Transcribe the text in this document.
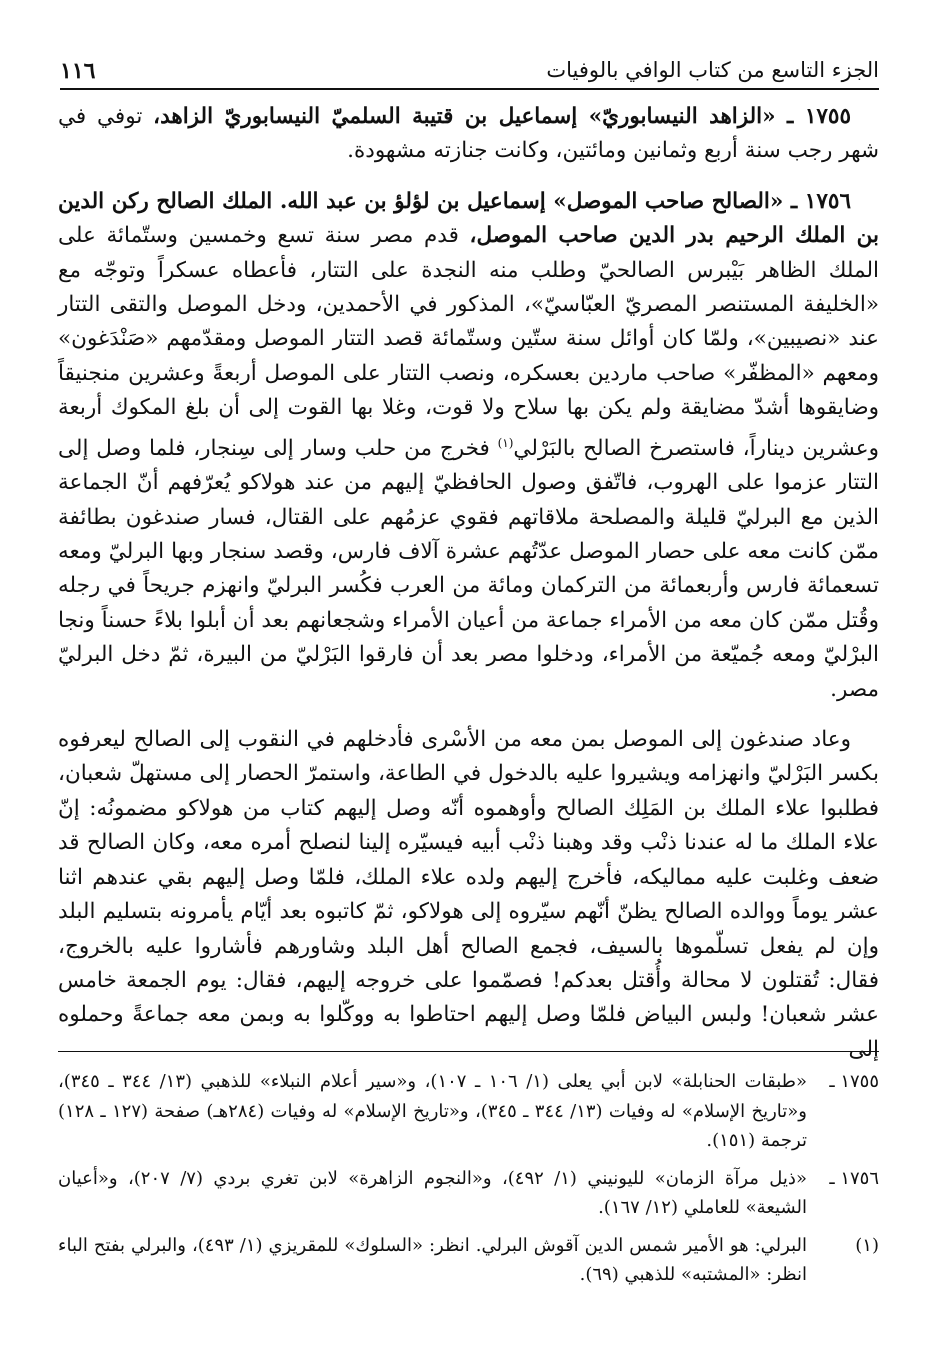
الجزء التاسع من كتاب الوافي بالوفيات
١١٦

١٧٥٥ ـ «الزاهد النيسابوريّ» إسماعيل بن قتيبة السلميّ النيسابوريّ الزاهد، توفي في شهر رجب سنة أربع وثمانين ومائتين، وكانت جنازته مشهودة.

١٧٥٦ ـ «الصالح صاحب الموصل» إسماعيل بن لؤلؤ بن عبد الله. الملك الصالح ركن الدين بن الملك الرحيم بدر الدين صاحب الموصل، قدم مصر سنة تسع وخمسين وستّمائة على الملك الظاهر بَيْبرس الصالحيّ وطلب منه النجدة على التتار، فأعطاه عسكراً وتوجّه مع «الخليفة المستنصر المصريّ العبّاسيّ»، المذكور في الأحمدين، ودخل الموصل والتقى التتار عند «نصيبين»، ولمّا كان أوائل سنة ستّين وستّمائة قصد التتار الموصل ومقدّمهم «صَنْدَغون» ومعهم «المظفّر» صاحب ماردين بعسكره، ونصب التتار على الموصل أربعةً وعشرين منجنيقاً وضايقوها أشدّ مضايقة ولم يكن بها سلاح ولا قوت، وغلا بها القوت إلى أن بلغ المكوك أربعة وعشرين ديناراً، فاستصرخ الصالح بالبَرْلي$^{(١)}$ فخرج من حلب وسار إلى سِنجار، فلما وصل إلى التتار عزموا على الهروب، فاتّفق وصول الحافظيّ إليهم من عند هولاكو يُعرّفهم أنّ الجماعة الذين مع البرليّ قليلة والمصلحة ملاقاتهم فقوي عزمُهم على القتال، فسار صندغون بطائفة ممّن كانت معه على حصار الموصل عدّتُهم عشرة آلاف فارس، وقصد سنجار وبها البرليّ ومعه تسعمائة فارس وأربعمائة من التركمان ومائة من العرب فكُسر البرليّ وانهزم جريحاً في رجله وقُتل ممّن كان معه من الأمراء جماعة من أعيان الأمراء وشجعانهم بعد أن أبلوا بلاءً حسناً ونجا البرْليّ ومعه جُميّعة من الأمراء، ودخلوا مصر بعد أن فارقوا البَرْليّ من البيرة، ثمّ دخل البرليّ مصر.

وعاد صندغون إلى الموصل بمن معه من الأسْرى فأدخلهم في النقوب إلى الصالح ليعرفوه بكسر البَرْليّ وانهزامه ويشيروا عليه بالدخول في الطاعة، واستمرّ الحصار إلى مستهلّ شعبان، فطلبوا علاء الملك بن المَلِك الصالح وأوهموه أنّه وصل إليهم كتاب من هولاكو مضمونُه: إنّ علاء الملك ما له عندنا ذنْب وقد وهبنا ذنْب أبيه فيسيّره إلينا لنصلح أمره معه، وكان الصالح قد ضعف وغلبت عليه مماليكه، فأخرج إليهم ولده علاء الملك، فلمّا وصل إليهم بقي عندهم اثنا عشر يوماً ووالده الصالح يظنّ أنّهم سيّروه إلى هولاكو، ثمّ كاتبوه بعد أيّام يأمرونه بتسليم البلد وإن لم يفعل تسلّموها بالسيف، فجمع الصالح أهل البلد وشاورهم فأشاروا عليه بالخروج، فقال: تُقتلون لا محالة وأُقتل بعدكم! فصمّموا على خروجه إليهم، فقال: يوم الجمعة خامس عشر شعبان! ولبس البياض فلمّا وصل إليهم احتاطوا به ووكّلوا به وبمن معه جماعةً وحملوه إلى

١٧٥٥ ـ
«طبقات الحنابلة» لابن أبي يعلى (١/ ١٠٦ ـ ١٠٧)، و«سير أعلام النبلاء» للذهبي (١٣/ ٣٤٤ ـ ٣٤٥)، و«تاريخ الإسلام» له وفيات (١٣/ ٣٤٤ ـ ٣٤٥)، و«تاريخ الإسلام» له وفيات (٢٨٤هـ) صفحة (١٢٧ ـ ١٢٨) ترجمة (١٥١).
١٧٥٦ ـ
«ذيل مرآة الزمان» لليونيني (١/ ٤٩٢)، و«النجوم الزاهرة» لابن تغري بردي (٧/ ٢٠٧)، و«أعيان الشيعة» للعاملي (١٢/ ١٦٧).
(١)
البرلي: هو الأمير شمس الدين آقوش البرلي. انظر: «السلوك» للمقريزي (١/ ٤٩٣)، والبرلي بفتح الباء انظر: «المشتبه» للذهبي (٦٩).
